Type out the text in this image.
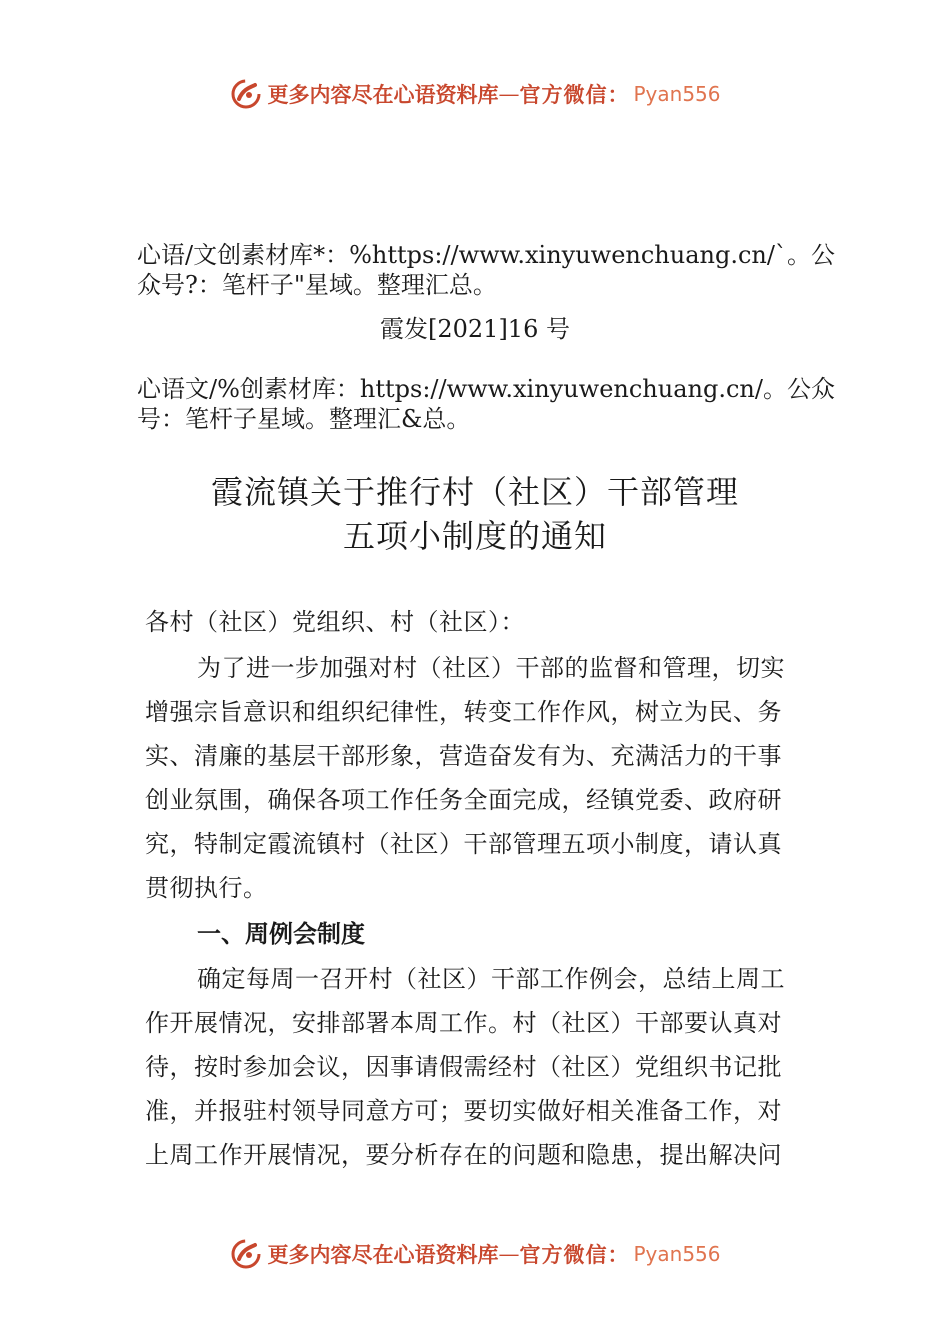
更多内容尽在心语资料库 — 官方微信： Pyan556
心语/文创素材库*：%https://www.xinyuwenchuang.cn/`。公
众号?：笔杆子"星域。整理汇总。
霞发[2021]16 号
心语文/%创素材库：https://www.xinyuwenchuang.cn/。公众
号：笔杆子星域。整理汇&总。
霞流镇关于推行村（社区）干部管理
五项小制度的通知
各村（社区）党组织、村（社区）：
为了进一步加强对村（社区）干部的监督和管理，切实
增强宗旨意识和组织纪律性，转变工作作风，树立为民、务
实、清廉的基层干部形象，营造奋发有为、充满活力的干事
创业氛围，确保各项工作任务全面完成，经镇党委、政府研
究，特制定霞流镇村（社区）干部管理五项小制度，请认真
贯彻执行。
一、周例会制度
确定每周一召开村（社区）干部工作例会，总结上周工
作开展情况，安排部署本周工作。村（社区）干部要认真对
待，按时参加会议，因事请假需经村（社区）党组织书记批
准，并报驻村领导同意方可；要切实做好相关准备工作，对
上周工作开展情况，要分析存在的问题和隐患，提出解决问
更多内容尽在心语资料库 — 官方微信： Pyan556
